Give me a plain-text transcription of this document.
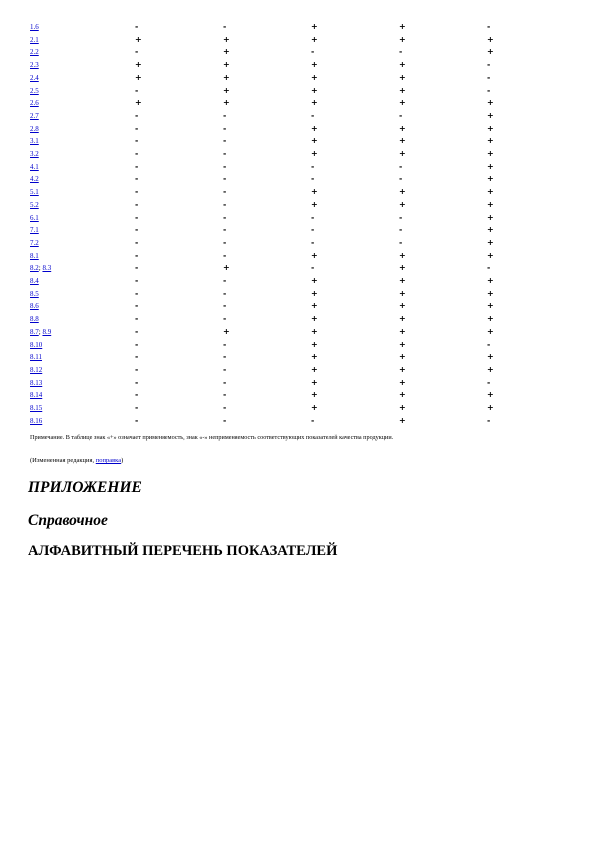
1.6	-	-	+	+	-
2.1	+	+	+	+	+
2.2	-	+	-	-	+
2.3	+	+	+	+	-
2.4	+	+	+	+	-
2.5	-	+	+	+	-
2.6	+	+	+	+	+
2.7	-	-	-	-	+
2.8	-	-	+	+	+
3.1	-	-	+	+	+
3.2	-	-	+	+	+
4.1	-	-	-	-	+
4.2	-	-	-	-	+
5.1	-	-	+	+	+
5.2	-	-	+	+	+
6.1	-	-	-	-	+
7.1	-	-	-	-	+
7.2	-	-	-	-	+
8.1	-	-	+	+	+
8.2; 8.3	-	+	-	+	-
8.4	-	-	+	+	+
8.5	-	-	+	+	+
8.6	-	-	+	+	+
8.8	-	-	+	+	+
8.7; 8.9	-	+	+	+	+
8.10	-	-	+	+	-
8.11	-	-	+	+	+
8.12	-	-	+	+	+
8.13	-	-	+	+	-
8.14	-	-	+	+	+
8.15	-	-	+	+	+
8.16	-	-	-	+	-

Примечание. В таблице знак «+» означает применяемость, знак «-» неприменяемость соответствующих показателей качества продукции.

(Измененная редакция, поправка)

ПРИЛОЖЕНИЕ
Справочное
АЛФАВИТНЫЙ ПЕРЕЧЕНЬ ПОКАЗАТЕЛЕЙ
